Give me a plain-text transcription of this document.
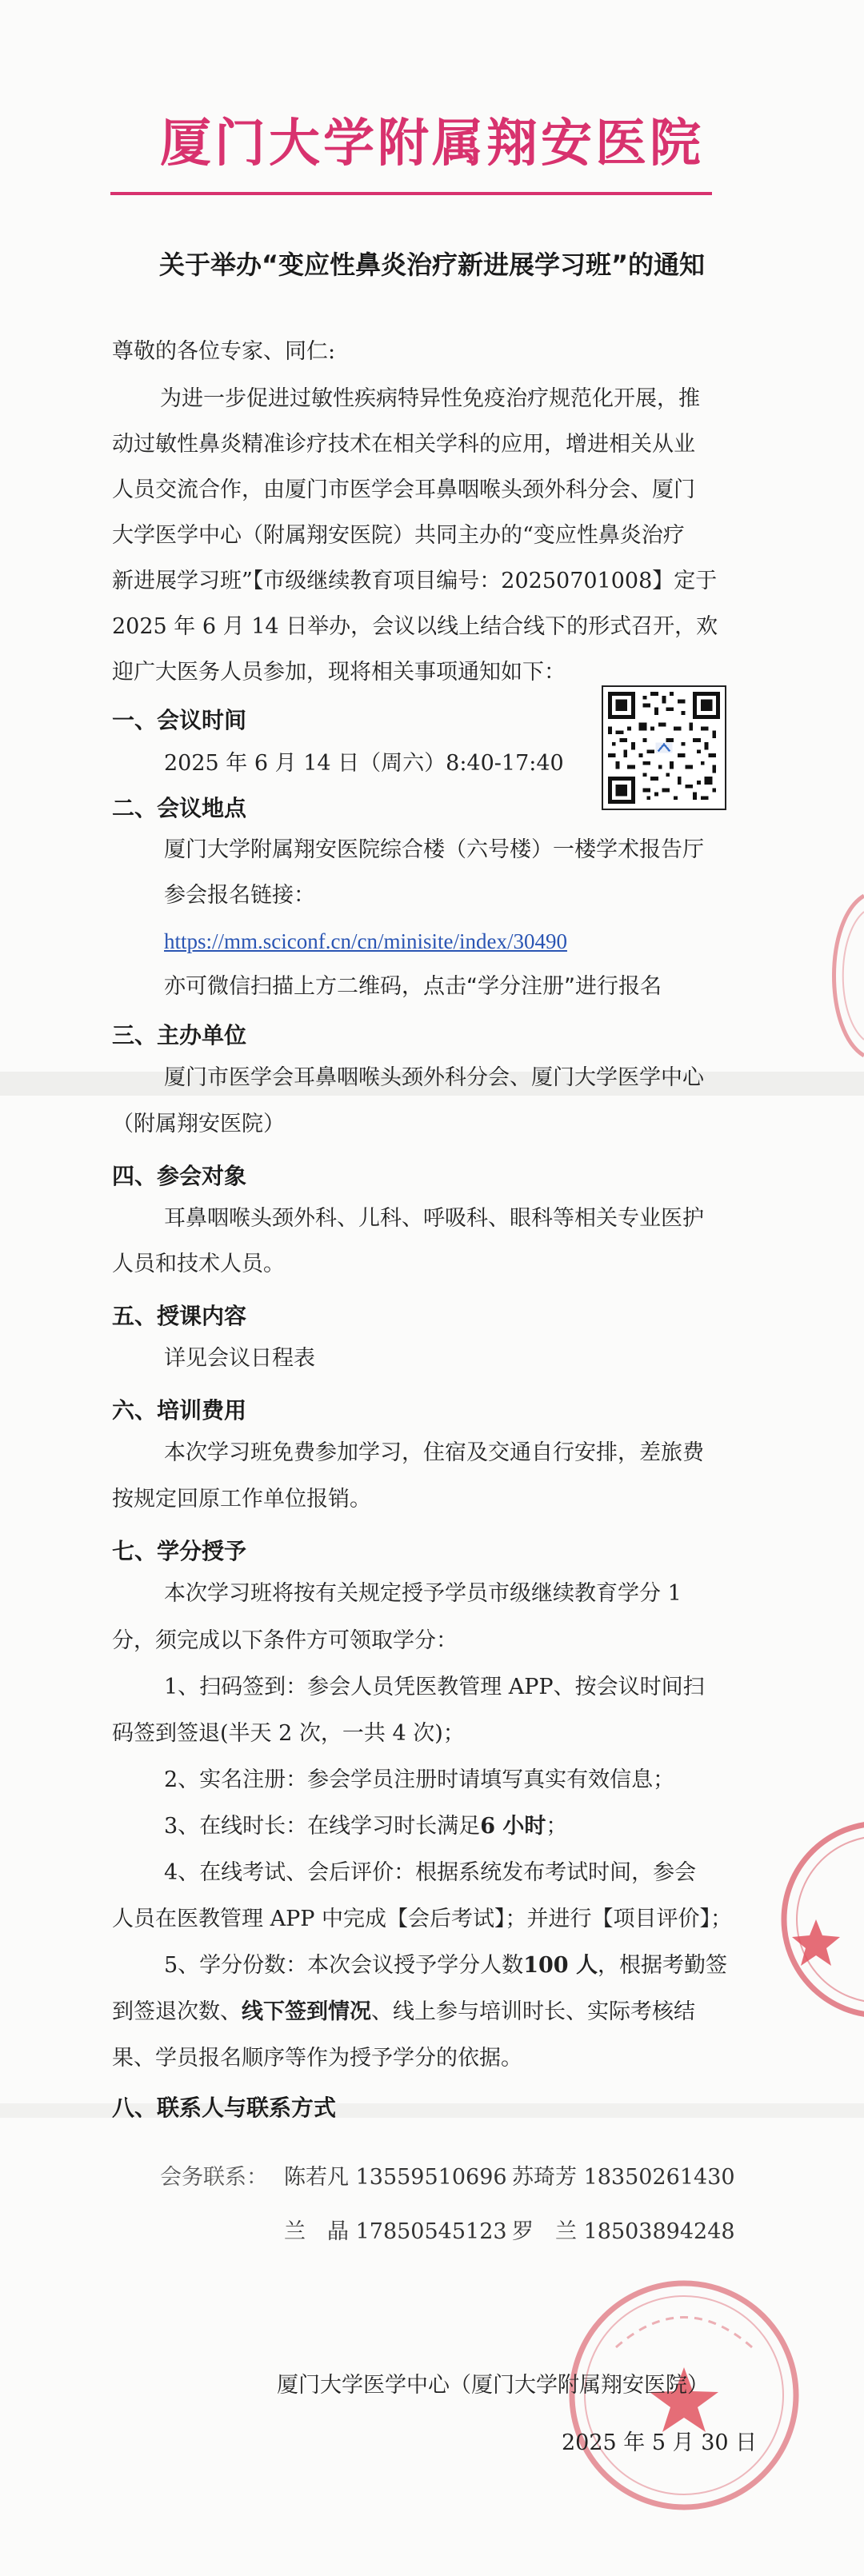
厦门大学附属翔安医院
关于举办“变应性鼻炎治疗新进展学习班”的通知
尊敬的各位专家、同仁:
为进一步促进过敏性疾病特异性免疫治疗规范化开展，推
动过敏性鼻炎精准诊疗技术在相关学科的应用，增进相关从业
人员交流合作，由厦门市医学会耳鼻咽喉头颈外科分会、厦门
大学医学中心（附属翔安医院）共同主办的“变应性鼻炎治疗
新进展学习班”【市级继续教育项目编号：20250701008】定于
2025 年 6 月 14 日举办，会议以线上结合线下的形式召开，欢
迎广大医务人员参加，现将相关事项通知如下：
一、会议时间
2025 年 6 月 14 日（周六）8:40-17:40
二、会议地点
厦门大学附属翔安医院综合楼（六号楼）一楼学术报告厅
参会报名链接：
https://mm.sciconf.cn/cn/minisite/index/30490
亦可微信扫描上方二维码，点击“学分注册”进行报名
三、主办单位
厦门市医学会耳鼻咽喉头颈外科分会、厦门大学医学中心
（附属翔安医院）
四、参会对象
耳鼻咽喉头颈外科、儿科、呼吸科、眼科等相关专业医护
人员和技术人员。
五、授课内容
详见会议日程表
六、培训费用
本次学习班免费参加学习，住宿及交通自行安排，差旅费
按规定回原工作单位报销。
七、学分授予
本次学习班将按有关规定授予学员市级继续教育学分 1
分，须完成以下条件方可领取学分：
1、扫码签到：参会人员凭医教管理 APP、按会议时间扫
码签到签退(半天 2 次，一共 4 次)；
2、实名注册：参会学员注册时请填写真实有效信息；
3、在线时长：在线学习时长满足6 小时；
4、在线考试、会后评价：根据系统发布考试时间，参会
人员在医教管理 APP 中完成【会后考试】；并进行【项目评价】；
5、学分份数：本次会议授予学分人数100 人，根据考勤签
到签退次数、线下签到情况、线上参与培训时长、实际考核结
果、学员报名顺序等作为授予学分的依据。
八、联系人与联系方式
会务联系： 陈若凡 13559510696 苏琦芳 18350261430
兰　晶 17850545123 罗　兰 18503894248
厦门大学医学中心（厦门大学附属翔安医院）
2025 年 5 月 30 日
